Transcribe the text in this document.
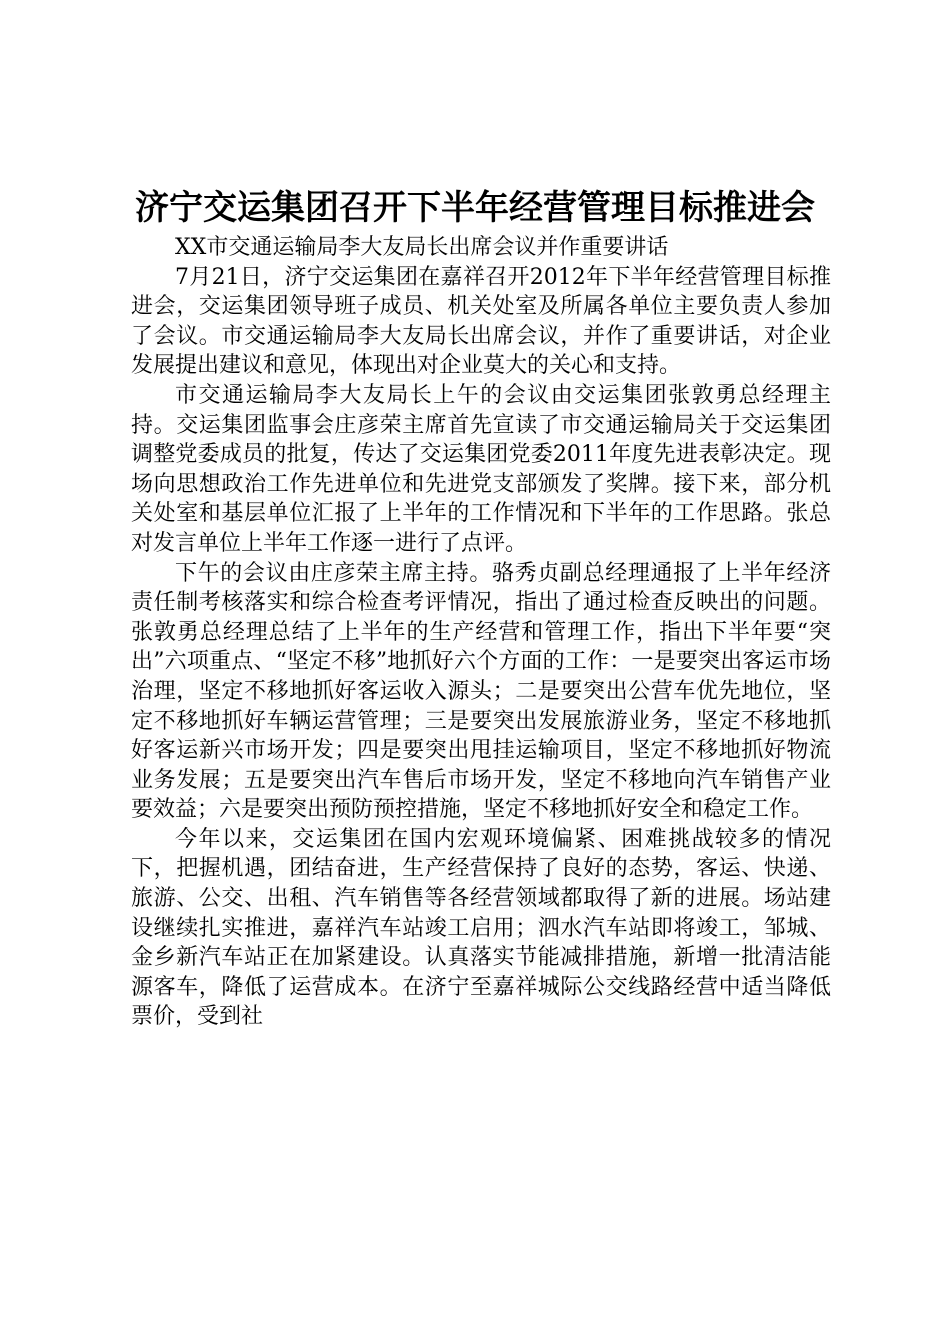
济宁交运集团召开下半年经营管理目标推进会

XX市交通运输局李大友局长出席会议并作重要讲话

7月21日，济宁交运集团在嘉祥召开2012年下半年经营管理目标推进会，交运集团领导班子成员、机关处室及所属各单位主要负责人参加了会议。市交通运输局李大友局长出席会议，并作了重要讲话，对企业发展提出建议和意见，体现出对企业莫大的关心和支持。

市交通运输局李大友局长上午的会议由交运集团张敦勇总经理主持。交运集团监事会庄彦荣主席首先宣读了市交通运输局关于交运集团调整党委成员的批复，传达了交运集团党委2011年度先进表彰决定。现场向思想政治工作先进单位和先进党支部颁发了奖牌。接下来，部分机关处室和基层单位汇报了上半年的工作情况和下半年的工作思路。张总对发言单位上半年工作逐一进行了点评。

下午的会议由庄彦荣主席主持。骆秀贞副总经理通报了上半年经济责任制考核落实和综合检查考评情况，指出了通过检查反映出的问题。张敦勇总经理总结了上半年的生产经营和管理工作，指出下半年要“突出”六项重点、“坚定不移”地抓好六个方面的工作：一是要突出客运市场治理，坚定不移地抓好客运收入源头；二是要突出公营车优先地位，坚定不移地抓好车辆运营管理；三是要突出发展旅游业务，坚定不移地抓好客运新兴市场开发；四是要突出甩挂运输项目，坚定不移地抓好物流业务发展；五是要突出汽车售后市场开发，坚定不移地向汽车销售产业要效益；六是要突出预防预控措施，坚定不移地抓好安全和稳定工作。

今年以来，交运集团在国内宏观环境偏紧、困难挑战较多的情况下，把握机遇，团结奋进，生产经营保持了良好的态势，客运、快递、旅游、公交、出租、汽车销售等各经营领域都取得了新的进展。场站建设继续扎实推进，嘉祥汽车站竣工启用；泗水汽车站即将竣工，邹城、金乡新汽车站正在加紧建设。认真落实节能减排措施，新增一批清洁能源客车，降低了运营成本。在济宁至嘉祥城际公交线路经营中适当降低票价，受到社
